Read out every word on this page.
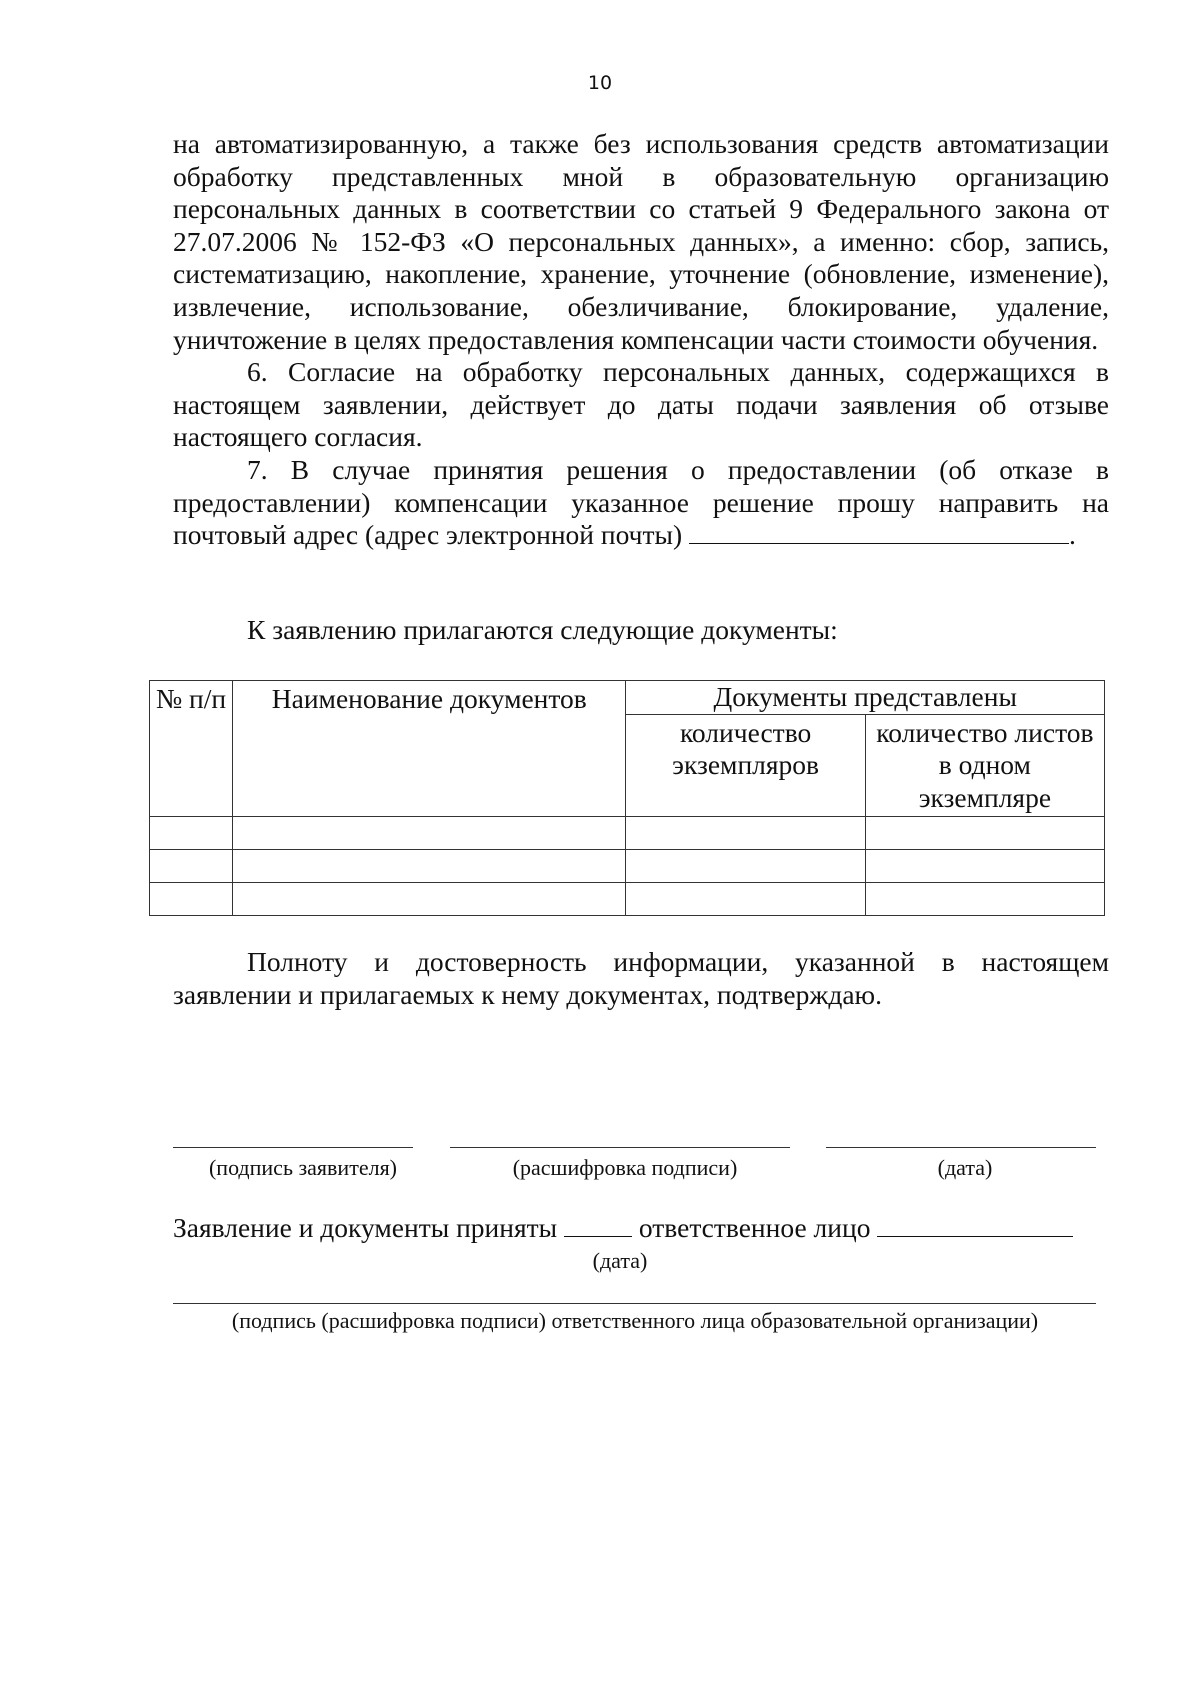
10

на автоматизированную, а также без использования средств автоматизации обработку представленных мной в образовательную организацию персональных данных в соответствии со статьей 9 Федерального закона от 27.07.2006 № 152-ФЗ «О персональных данных», а именно: сбор, запись, систематизацию, накопление, хранение, уточнение (обновление, изменение), извлечение, использование, обезличивание, блокирование, удаление, уничтожение в целях предоставления компенсации части стоимости обучения.

6. Согласие на обработку персональных данных, содержащихся в настоящем заявлении, действует до даты подачи заявления об отзыве настоящего согласия.

7. В случае принятия решения о предоставлении (об отказе в предоставлении) компенсации указанное решение прошу направить на почтовый адрес (адрес электронной почты)	.

К заявлению прилагаются следующие документы:
№ п/п	Наименование документов	Документы представлены	
		количество экземпляров	количество листов в одном экземпляре

Полноту и достоверность информации, указанной в настоящем заявлении и прилагаемых к нему документах, подтверждаю.

(подпись заявителя)	(расшифровка подписи)	(дата)
Заявление и документы приняты	ответственное лицо
(дата)
(подпись (расшифровка подписи) ответственного лица образовательной организации)
